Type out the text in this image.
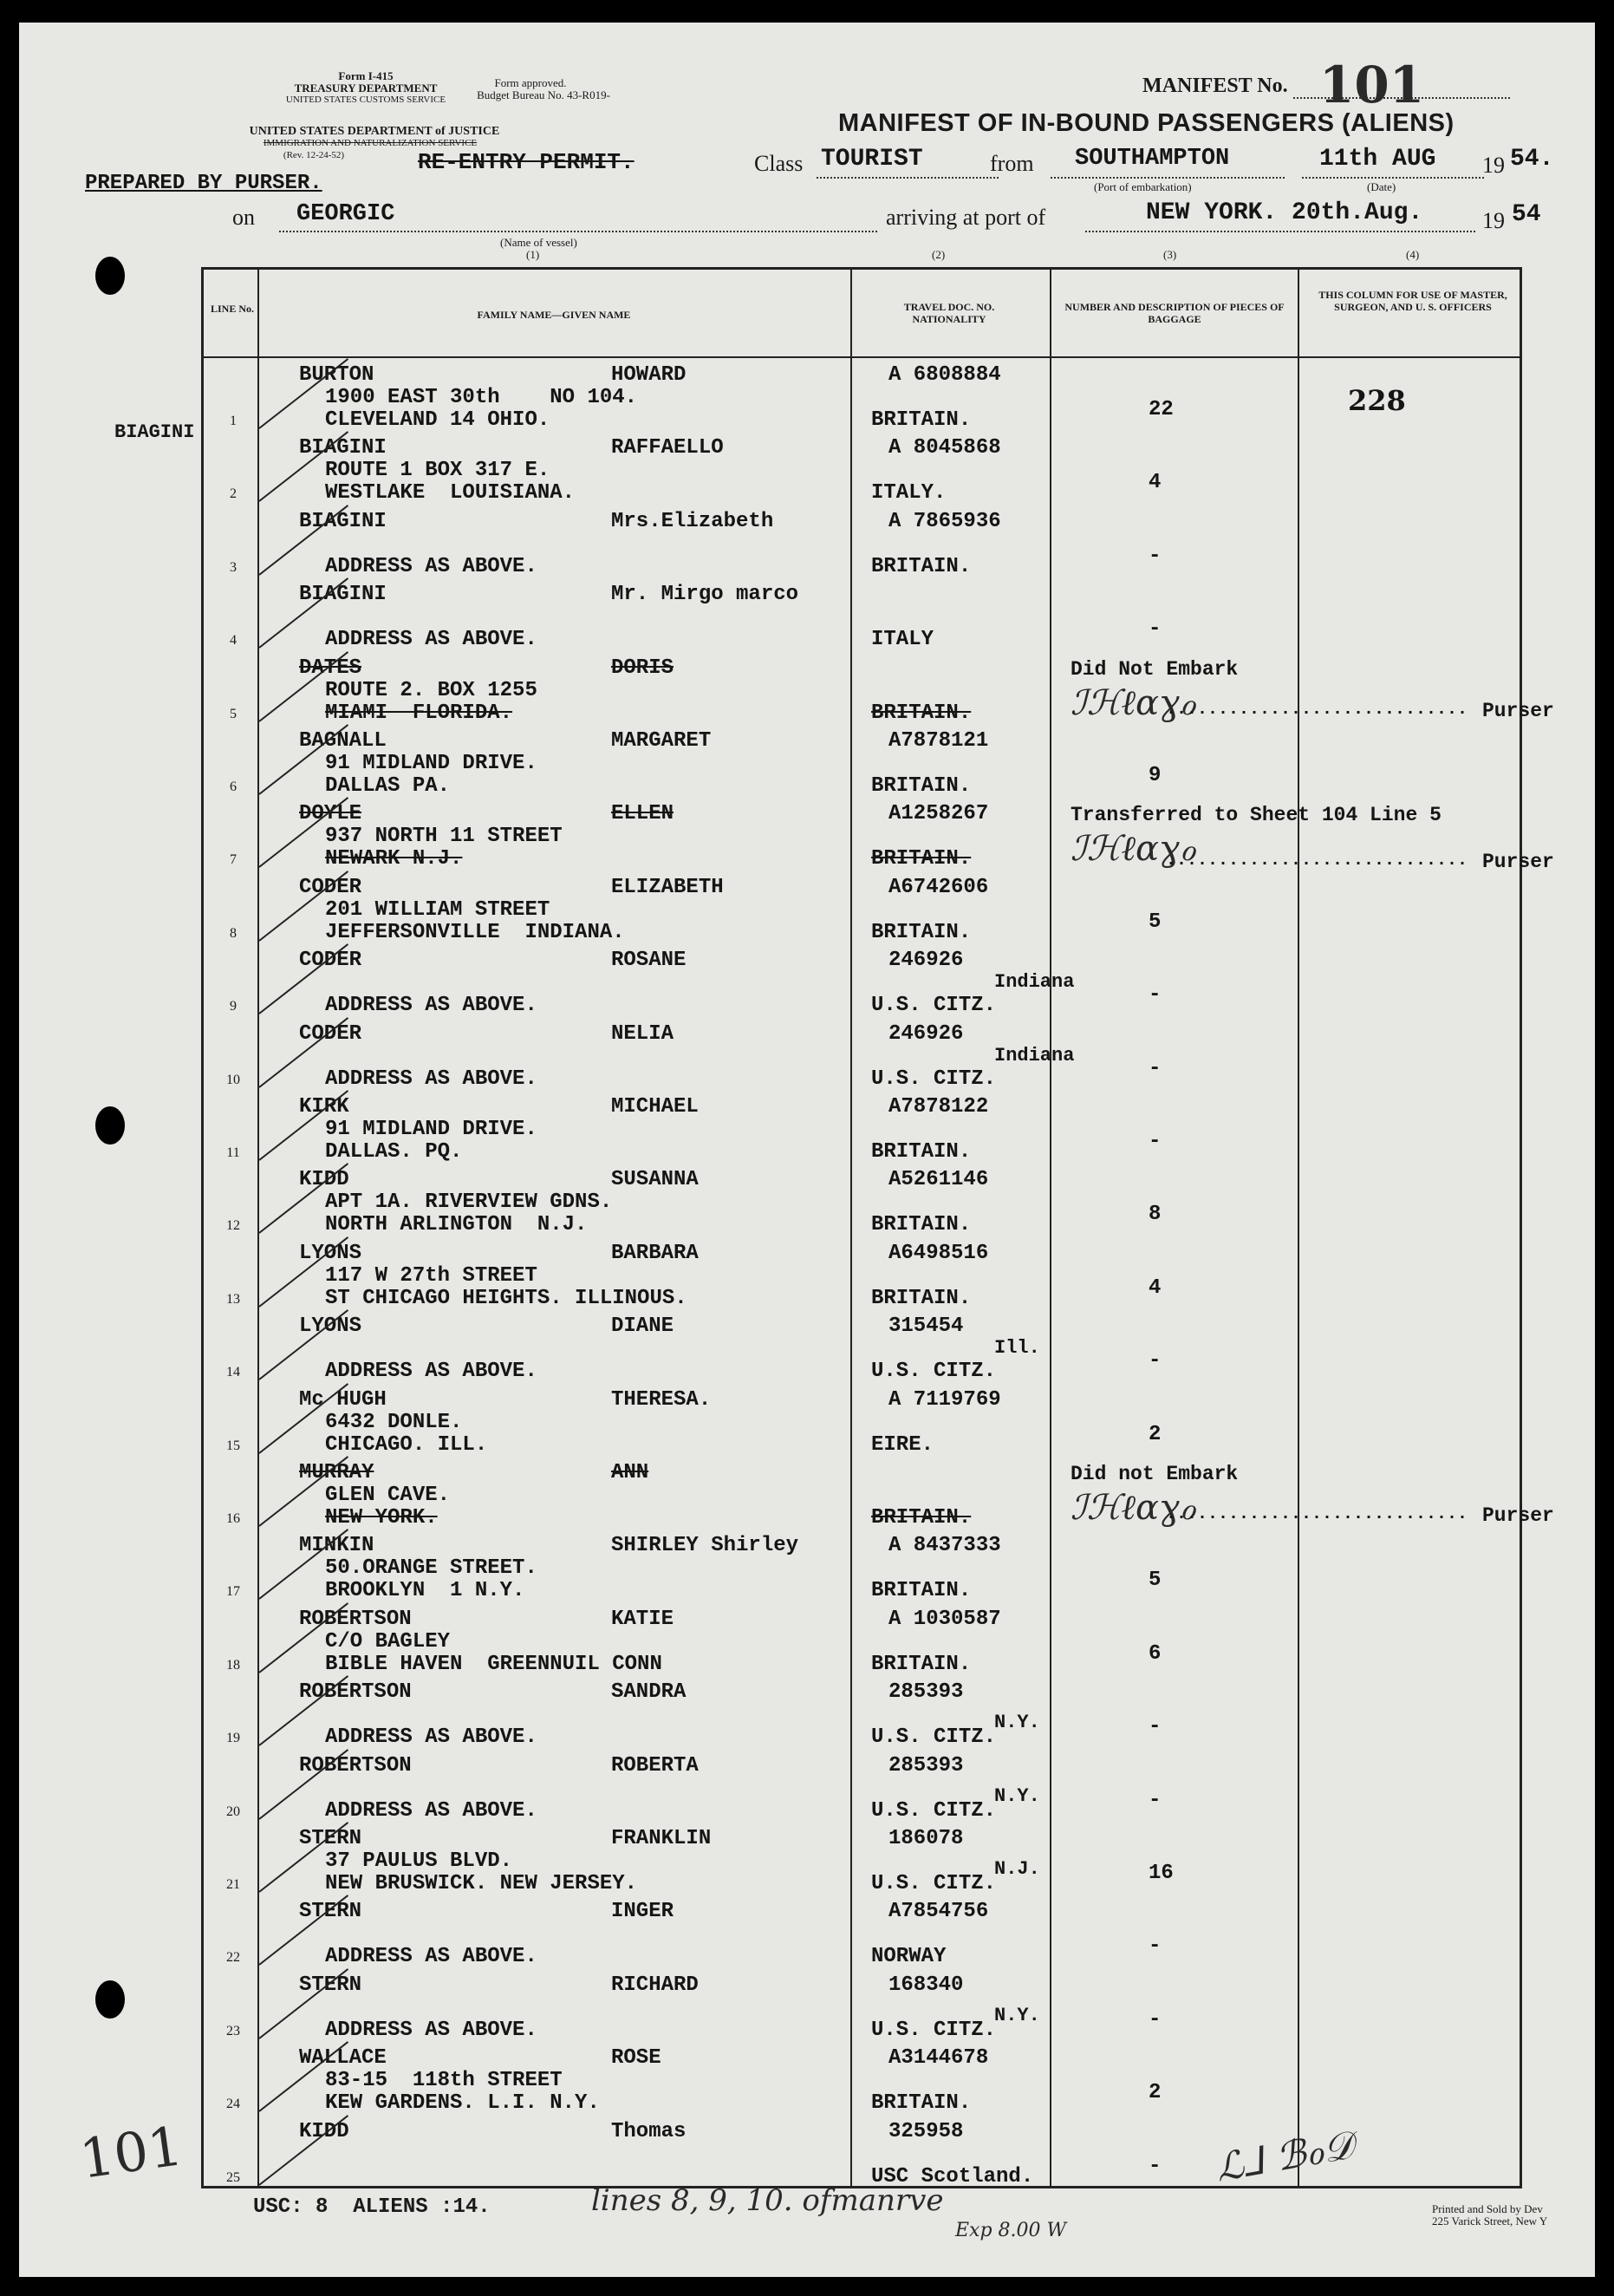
Form I-415
TREASURY DEPARTMENT
UNITED STATES CUSTOMS SERVICE
UNITED STATES DEPARTMENT of JUSTICE
IMMIGRATION AND NATURALIZATION SERVICE
(Rev. 12-24-52)
Form approved.
Budget Bureau No. 43-R019-	MANIFEST No. 101
MANIFEST OF IN-BOUND PASSENGERS (ALIENS)
RE-ENTRY PERMIT.
PREPARED BY PURSER.
Class TOURIST	from SOUTHAMPTON
(Port of embarkation)
11th AUG
(Date)
19 54.
on GEORGIC
(Name of vessel)
(1)
arriving at port of	NEW YORK. 20th.Aug.	19 54
(2)	(3)	(4)
BIAGINI
LINE No.	FAMILY NAME—GIVEN NAME
TRAVEL DOC. NO. NATIONALITY
NUMBER AND DESCRIPTION OF PIECES OF BAGGAGE
THIS COLUMN FOR USE OF MASTER, SURGEON, AND U. S. OFFICERS
1
BURTON	HOWARD
1900 EAST 30th    NO 104.
CLEVELAND 14 OHIO.
A 6808884
BRITAIN.	22	228
2
BIAGINI	RAFFAELLO
ROUTE 1 BOX 317 E.
WESTLAKE  LOUISIANA.
A 8045868
ITALY.	4
3
BIAGINI	Mrs.Elizabeth
ADDRESS AS ABOVE.
A 7865936
BRITAIN.	-
4
BIAGINI	Mr. Mirgo marco
ADDRESS AS ABOVE.	ITALY	-
5
DATES	DORIS
ROUTE 2. BOX 1255
MIAMI  FLORIDA.	BRITAIN.
Did Not Embark
Purser
ℐℋℓαɣℴ
.............................
6
BAGNALL	MARGARET
91 MIDLAND DRIVE.
DALLAS PA.
A7878121
BRITAIN.	9
7
DOYLE	ELLEN
937 NORTH 11 STREET
NEWARK N.J.
A1258267
BRITAIN.
Transferred to Sheet 104 Line 5
Purser
ℐℋℓαɣℴ
.............................
8
CODER	ELIZABETH
201 WILLIAM STREET
JEFFERSONVILLE  INDIANA.
A6742606
BRITAIN.	5
9
CODER	ROSANE
ADDRESS AS ABOVE.
246926
U.S. CITZ.	-
Indiana
10
CODER	NELIA
ADDRESS AS ABOVE.
246926
U.S. CITZ.	-
Indiana
11
KIRK	MICHAEL
91 MIDLAND DRIVE.
DALLAS. PQ.
A7878122
BRITAIN.	-
12
KIDD	SUSANNA
APT 1A. RIVERVIEW GDNS.
NORTH ARLINGTON  N.J.
A5261146
BRITAIN.	8
13
LYONS	BARBARA
117 W 27th STREET
ST CHICAGO HEIGHTS. ILLINOUS.
A6498516
BRITAIN.	4
14
LYONS	DIANE
ADDRESS AS ABOVE.
315454
U.S. CITZ.	-
Ill.
15
Mc HUGH	THERESA.
6432 DONLE.
CHICAGO. ILL.
A 7119769
EIRE.	2
16
MURRAY	ANN
GLEN CAVE.
NEW YORK.	BRITAIN.
Did not Embark
Purser
ℐℋℓαɣℴ
.............................
17
MINKIN	SHIRLEY Shirley
50.ORANGE STREET.
BROOKLYN  1 N.Y.
A 8437333
BRITAIN.	5
18
ROBERTSON	KATIE
C/O BAGLEY
BIBLE HAVEN  GREENNUIL CONN
A 1030587
BRITAIN.	6
19
ROBERTSON	SANDRA
ADDRESS AS ABOVE.
285393
U.S. CITZ.	-
N.Y.
20
ROBERTSON	ROBERTA
ADDRESS AS ABOVE.
285393
U.S. CITZ.	-
N.Y.
21
STERN	FRANKLIN
37 PAULUS BLVD.
NEW BRUSWICK. NEW JERSEY.
186078
U.S. CITZ.	16
N.J.
22
STERN	INGER
ADDRESS AS ABOVE.
A7854756
NORWAY	-
23
STERN	RICHARD
ADDRESS AS ABOVE.
168340
U.S. CITZ.	-
N.Y.
24
WALLACE	ROSE
83-15  118th STREET
KEW GARDENS. L.I. N.Y.
A3144678
BRITAIN.	2
25
KIDD	Thomas	325958
USC Scotland.	-
USC: 8  ALIENS :14.	lines 8, 9, 10. ofmanrve
Exp 8.00 W
101
Printed and Sold by Dev
225 Varick Street, New Y
ℒ⅃ ℬℴ𝒟
